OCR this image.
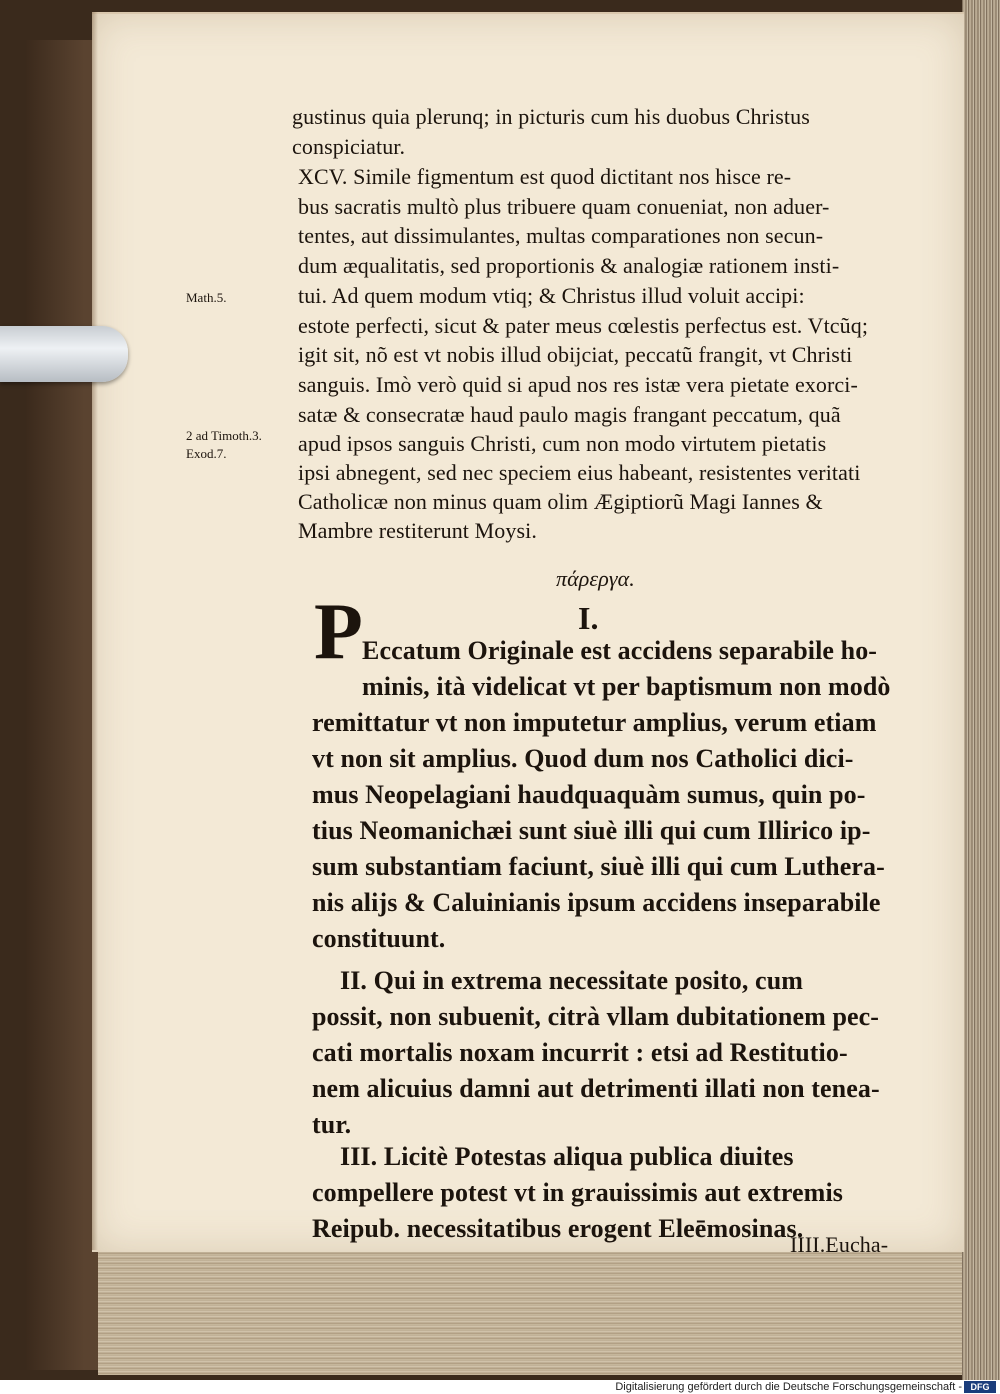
gustinus quia plerunq; in picturis cum his duobus Christus
conspiciatur.
XCV. Simile figmentum est quod dictitant nos hisce re-
bus sacratis multò plus tribuere quam conueniat, non aduer-
tentes, aut dissimulantes, multas comparationes non secun-
dum æqualitatis, sed proportionis & analogiæ rationem insti-
tui. Ad quem modum vtiq; & Christus illud voluit accipi:
estote perfecti, sicut & pater meus cœlestis perfectus est. Vtcũq;
igit sit, nõ est vt nobis illud obijciat, peccatũ frangit, vt Christi
sanguis. Imò verò quid si apud nos res istæ vera pietate exorci-
satæ & consecratæ haud paulo magis frangant peccatum, quã
apud ipsos sanguis Christi, cum non modo virtutem pietatis
ipsi abnegent, sed nec speciem eius habeant, resistentes veritati
Catholicæ non minus quam olim Ægiptiorũ Magi Iannes &
Mambre restiterunt Moysi.
Math.5.
2 ad Timoth.3.
Exod.7.
πάρεργα.
I.
P Eccatum Originale est accidens separabile ho-
minis, ità videlicat vt per baptismum non modò
remittatur vt non imputetur amplius, verum etiam
vt non sit amplius. Quod dum nos Catholici dici-
mus Neopelagiani haudquaquàm sumus, quin po-
tius Neomanichæi sunt siuè illi qui cum Illirico ip-
sum substantiam faciunt, siuè illi qui cum Luthera-
nis alijs & Caluinianis ipsum accidens inseparabile
constituunt.
II. Qui in extrema necessitate posito, cum
possit, non subuenit, citrà vllam dubitationem pec-
cati mortalis noxam incurrit : etsi ad Restitutio-
nem alicuius damni aut detrimenti illati non tenea-
tur.
III. Licitè Potestas aliqua publica diuites
compellere potest vt in grauissimis aut extremis
Reipub. necessitatibus erogent Eleēmosinas.
IIII.Eucha-
Digitalisierung gefördert durch die Deutsche Forschungsgemeinschaft - DFG
